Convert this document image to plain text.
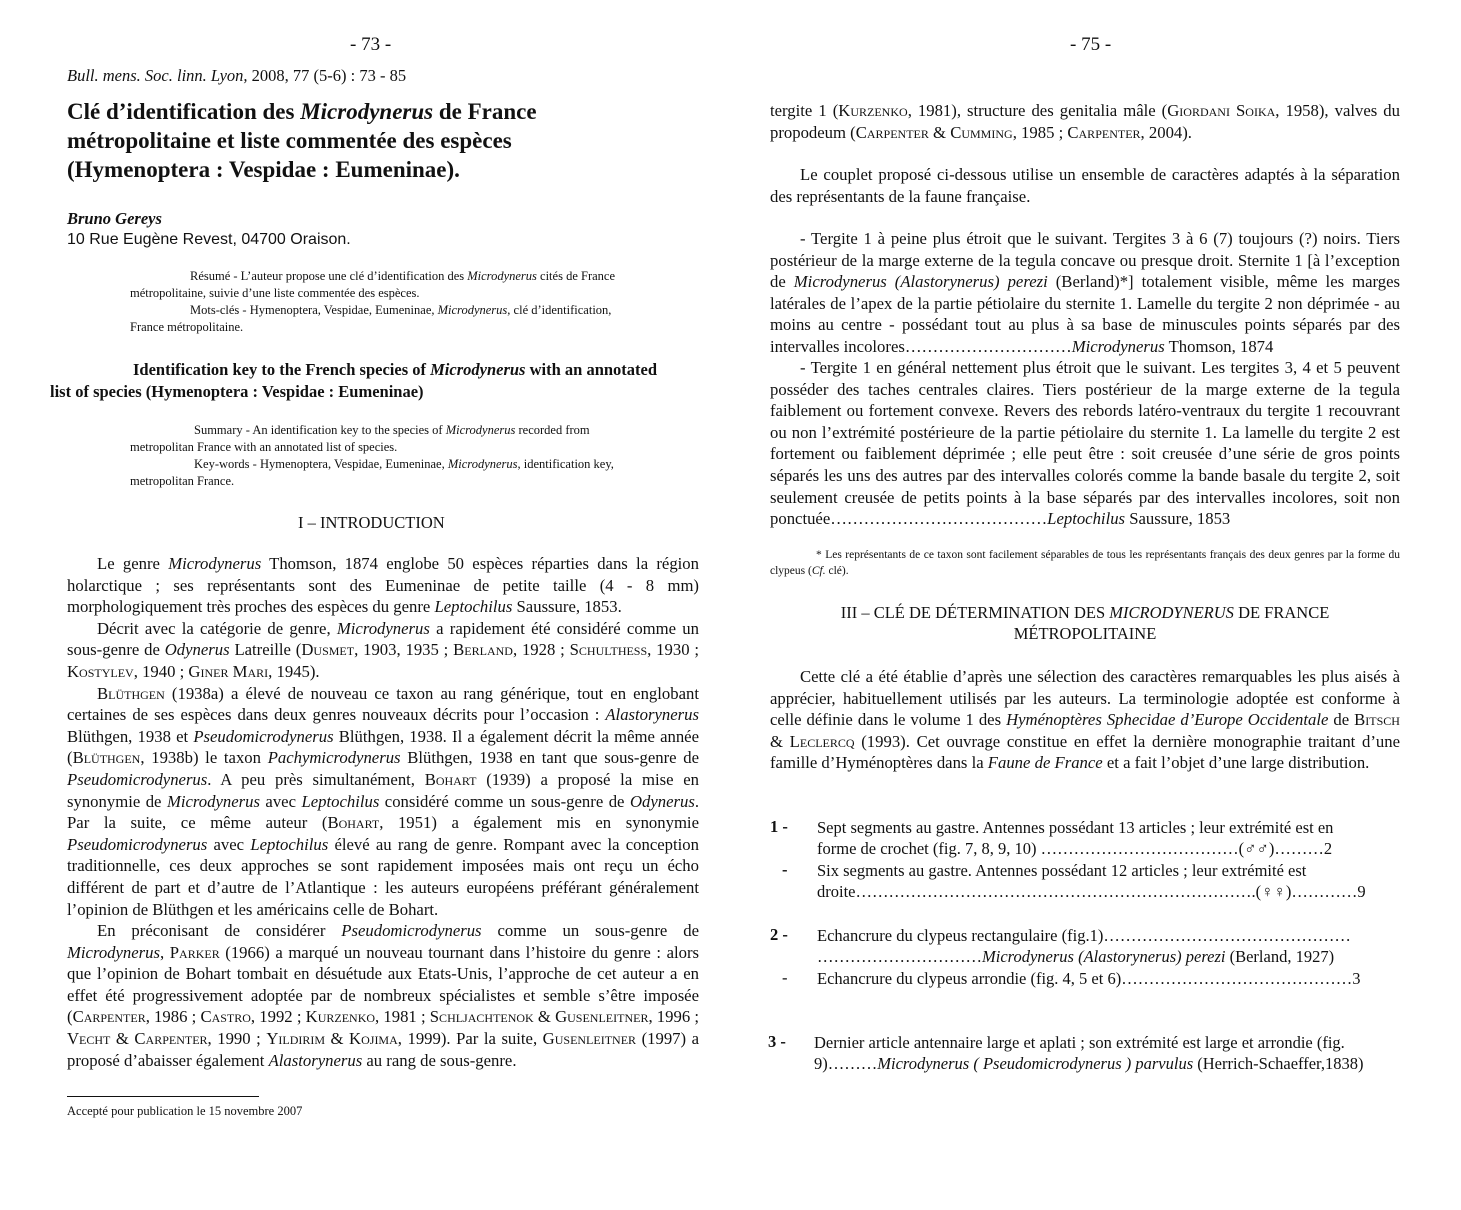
- 73 -
Bull. mens. Soc. linn. Lyon, 2008, 77 (5-6) : 73 - 85
Clé d’identification des Microdynerus de France
métropolitaine et liste commentée des espèces
(Hymenoptera : Vespidae : Eumeninae).
Bruno Gereys
10 Rue Eugène Revest, 04700 Oraison.
Résumé - L’auteur propose une clé d’identification des Microdynerus cités de France
métropolitaine, suivie d’une liste commentée des espèces.
Mots-clés - Hymenoptera, Vespidae, Eumeninae, Microdynerus, clé d’identification,
France métropolitaine.
Identification key to the French species of Microdynerus with an annotated
list of species (Hymenoptera : Vespidae : Eumeninae)
Summary - An identification key to the species of Microdynerus recorded from
metropolitan France with an annotated list of species.
Key-words - Hymenoptera, Vespidae, Eumeninae, Microdynerus, identification key,
metropolitan France.
I – INTRODUCTION

Le genre Microdynerus Thomson, 1874 englobe 50 espèces réparties dans la région holarctique ; ses représentants sont des Eumeninae de petite taille (4 - 8 mm) morphologiquement très proches des espèces du genre Leptochilus Saussure, 1853.

Décrit avec la catégorie de genre, Microdynerus a rapidement été considéré comme un sous-genre de Odynerus Latreille (Dusmet, 1903, 1935 ; Berland, 1928 ; Schulthess, 1930 ; Kostylev, 1940 ; Giner Mari, 1945).

Blüthgen (1938a) a élevé de nouveau ce taxon au rang générique, tout en englobant certaines de ses espèces dans deux genres nouveaux décrits pour l’occasion : Alastorynerus Blüthgen, 1938 et Pseudomicrodynerus Blüthgen, 1938. Il a également décrit la même année (Blüthgen, 1938b) le taxon Pachymicrodynerus Blüthgen, 1938 en tant que sous-genre de Pseudomicrodynerus. A peu près simultanément, Bohart (1939) a proposé la mise en synonymie de Microdynerus avec Leptochilus considéré comme un sous-genre de Odynerus. Par la suite, ce même auteur (Bohart, 1951) a également mis en synonymie Pseudomicrodynerus avec Leptochilus élevé au rang de genre. Rompant avec la conception traditionnelle, ces deux approches se sont rapidement imposées mais ont reçu un écho différent de part et d’autre de l’Atlantique : les auteurs européens préférant généralement l’opinion de Blüthgen et les américains celle de Bohart.

En préconisant de considérer Pseudomicrodynerus comme un sous-genre de Microdynerus, Parker (1966) a marqué un nouveau tournant dans l’histoire du genre : alors que l’opinion de Bohart tombait en désuétude aux Etats-Unis, l’approche de cet auteur a en effet été progressivement adoptée par de nombreux spécialistes et semble s’être imposée (Carpenter, 1986 ; Castro, 1992 ; Kurzenko, 1981 ; Schljachtenok & Gusenleitner, 1996 ; Vecht & Carpenter, 1990 ; Yildirim & Kojima, 1999). Par la suite, Gusenleitner (1997) a proposé d’abaisser également Alastorynerus au rang de sous-genre.

Accepté pour publication le 15 novembre 2007
- 75 -
tergite 1 (Kurzenko, 1981), structure des genitalia mâle (Giordani Soika, 1958), valves du propodeum (Carpenter & Cumming, 1985 ; Carpenter, 2004).
Le couplet proposé ci-dessous utilise un ensemble de caractères adaptés à la séparation des représentants de la faune française.
- Tergite 1 à peine plus étroit que le suivant. Tergites 3 à 6 (7) toujours (?) noirs. Tiers postérieur de la marge externe de la tegula concave ou presque droit. Sternite 1 [à l’exception de Microdynerus (Alastorynerus) perezi (Berland)*] totalement visible, même les marges latérales de l’apex de la partie pétiolaire du sternite 1. Lamelle du tergite 2 non déprimée - au moins au centre - possédant tout au plus à sa base de minuscules points séparés par des intervalles incolores…………………………Microdynerus Thomson, 1874
- Tergite 1 en général nettement plus étroit que le suivant. Les tergites 3, 4 et 5 peuvent posséder des taches centrales claires. Tiers postérieur de la marge externe de la tegula faiblement ou fortement convexe. Revers des rebords latéro-ventraux du tergite 1 recouvrant ou non l’extrémité postérieure de la partie pétiolaire du sternite 1. La lamelle du tergite 2 est fortement ou faiblement déprimée ; elle peut être : soit creusée d’une série de gros points séparés les uns des autres par des intervalles colorés comme la bande basale du tergite 2, soit seulement creusée de petits points à la base séparés par des intervalles incolores, soit non ponctuée…………………………………Leptochilus Saussure, 1853
* Les représentants de ce taxon sont facilement séparables de tous les représentants français des deux genres par la forme du clypeus (Cf. clé).
III – CLÉ DE DÉTERMINATION DES MICRODYNERUS DE FRANCE
MÉTROPOLITAINE
Cette clé a été établie d’après une sélection des caractères remarquables les plus aisés à apprécier, habituellement utilisés par les auteurs. La terminologie adoptée est conforme à celle définie dans le volume 1 des Hyménoptères Sphecidae d’Europe Occidentale de Bitsch & Leclercq (1993). Cet ouvrage constitue en effet la dernière monographie traitant d’une famille d’Hyménoptères dans la Faune de France et a fait l’objet d’une large distribution.
1 - Sept segments au gastre. Antennes possédant 13 articles ; leur extrémité est en
forme de crochet (fig. 7, 8, 9, 10) ………………………………(♂♂)………2
- Six segments au gastre. Antennes possédant 12 articles ; leur extrémité est
droite……………………………………………………………….(♀♀)…………9
2 - Echancrure du clypeus rectangulaire (fig.1)………………………………………
…………………………Microdynerus (Alastorynerus) perezi (Berland, 1927)
- Echancrure du clypeus arrondie (fig. 4, 5 et 6)……………………………………3
3 - Dernier article antennaire large et aplati ; son extrémité est large et arrondie (fig.
9)………Microdynerus ( Pseudomicrodynerus ) parvulus (Herrich-Schaeffer,1838)
